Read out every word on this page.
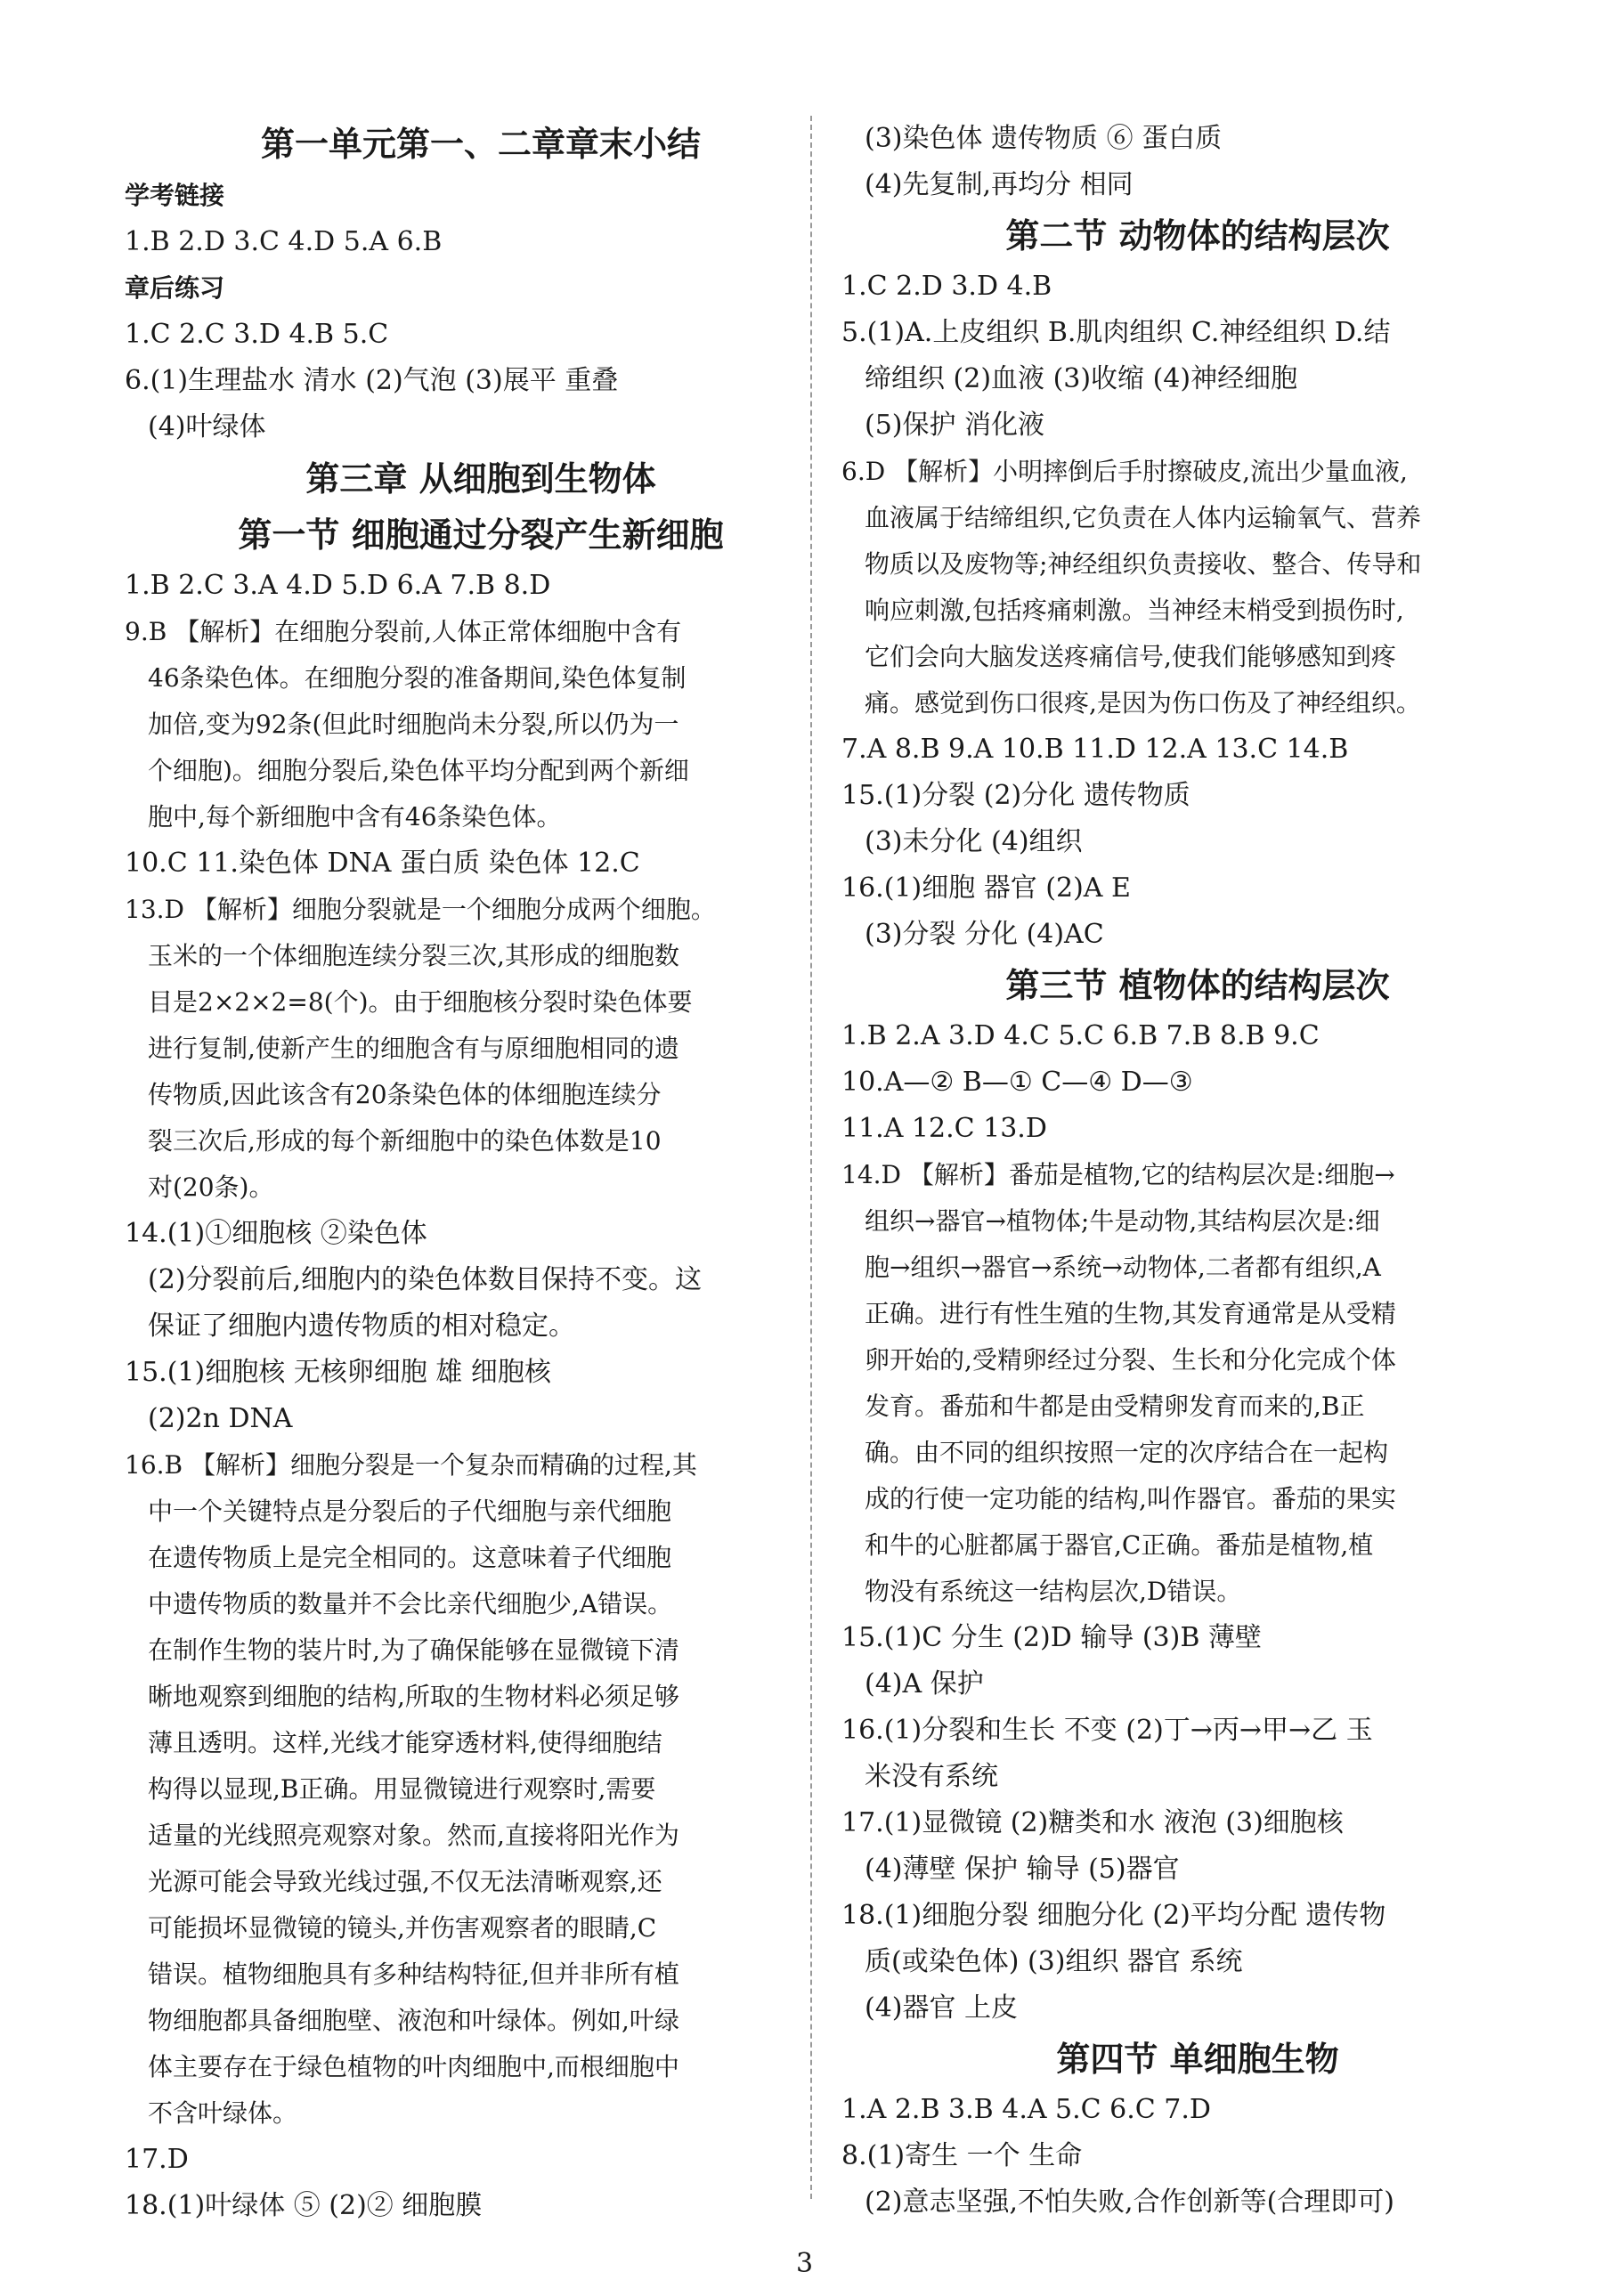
第一单元第一、二章章末小结
学考链接
1.B 2.D 3.C 4.D 5.A 6.B
章后练习
1.C 2.C 3.D 4.B 5.C
6.(1)生理盐水 清水 (2)气泡 (3)展平 重叠
(4)叶绿体
第三章 从细胞到生物体
第一节 细胞通过分裂产生新细胞
1.B 2.C 3.A 4.D 5.D 6.A 7.B 8.D
9.B 【解析】在细胞分裂前,人体正常体细胞中含有
46条染色体。在细胞分裂的准备期间,染色体复制
加倍,变为92条(但此时细胞尚未分裂,所以仍为一
个细胞)。细胞分裂后,染色体平均分配到两个新细
胞中,每个新细胞中含有46条染色体。
10.C 11.染色体 DNA 蛋白质 染色体 12.C
13.D 【解析】细胞分裂就是一个细胞分成两个细胞。
玉米的一个体细胞连续分裂三次,其形成的细胞数
目是2×2×2=8(个)。由于细胞核分裂时染色体要
进行复制,使新产生的细胞含有与原细胞相同的遗
传物质,因此该含有20条染色体的体细胞连续分
裂三次后,形成的每个新细胞中的染色体数是10
对(20条)。
14.(1)①细胞核 ②染色体
(2)分裂前后,细胞内的染色体数目保持不变。这
保证了细胞内遗传物质的相对稳定。
15.(1)细胞核 无核卵细胞 雄 细胞核
(2)2n DNA
16.B 【解析】细胞分裂是一个复杂而精确的过程,其
中一个关键特点是分裂后的子代细胞与亲代细胞
在遗传物质上是完全相同的。这意味着子代细胞
中遗传物质的数量并不会比亲代细胞少,A错误。
在制作生物的装片时,为了确保能够在显微镜下清
晰地观察到细胞的结构,所取的生物材料必须足够
薄且透明。这样,光线才能穿透材料,使得细胞结
构得以显现,B正确。用显微镜进行观察时,需要
适量的光线照亮观察对象。然而,直接将阳光作为
光源可能会导致光线过强,不仅无法清晰观察,还
可能损坏显微镜的镜头,并伤害观察者的眼睛,C
错误。植物细胞具有多种结构特征,但并非所有植
物细胞都具备细胞壁、液泡和叶绿体。例如,叶绿
体主要存在于绿色植物的叶肉细胞中,而根细胞中
不含叶绿体。
17.D
18.(1)叶绿体 ⑤ (2)② 细胞膜
(3)染色体 遗传物质 ⑥ 蛋白质
(4)先复制,再均分 相同
第二节 动物体的结构层次
1.C 2.D 3.D 4.B
5.(1)A.上皮组织 B.肌肉组织 C.神经组织 D.结
缔组织 (2)血液 (3)收缩 (4)神经细胞
(5)保护 消化液
6.D 【解析】小明摔倒后手肘擦破皮,流出少量血液,
血液属于结缔组织,它负责在人体内运输氧气、营养
物质以及废物等;神经组织负责接收、整合、传导和
响应刺激,包括疼痛刺激。当神经末梢受到损伤时,
它们会向大脑发送疼痛信号,使我们能够感知到疼
痛。感觉到伤口很疼,是因为伤口伤及了神经组织。
7.A 8.B 9.A 10.B 11.D 12.A 13.C 14.B
15.(1)分裂 (2)分化 遗传物质
(3)未分化 (4)组织
16.(1)细胞 器官 (2)A E
(3)分裂 分化 (4)AC
第三节 植物体的结构层次
1.B 2.A 3.D 4.C 5.C 6.B 7.B 8.B 9.C
10.A—② B—① C—④ D—③
11.A 12.C 13.D
14.D 【解析】番茄是植物,它的结构层次是:细胞→
组织→器官→植物体;牛是动物,其结构层次是:细
胞→组织→器官→系统→动物体,二者都有组织,A
正确。进行有性生殖的生物,其发育通常是从受精
卵开始的,受精卵经过分裂、生长和分化完成个体
发育。番茄和牛都是由受精卵发育而来的,B正
确。由不同的组织按照一定的次序结合在一起构
成的行使一定功能的结构,叫作器官。番茄的果实
和牛的心脏都属于器官,C正确。番茄是植物,植
物没有系统这一结构层次,D错误。
15.(1)C 分生 (2)D 输导 (3)B 薄壁
(4)A 保护
16.(1)分裂和生长 不变 (2)丁→丙→甲→乙 玉
米没有系统
17.(1)显微镜 (2)糖类和水 液泡 (3)细胞核
(4)薄壁 保护 输导 (5)器官
18.(1)细胞分裂 细胞分化 (2)平均分配 遗传物
质(或染色体) (3)组织 器官 系统
(4)器官 上皮
第四节 单细胞生物
1.A 2.B 3.B 4.A 5.C 6.C 7.D
8.(1)寄生 一个 生命
(2)意志坚强,不怕失败,合作创新等(合理即可)
3
